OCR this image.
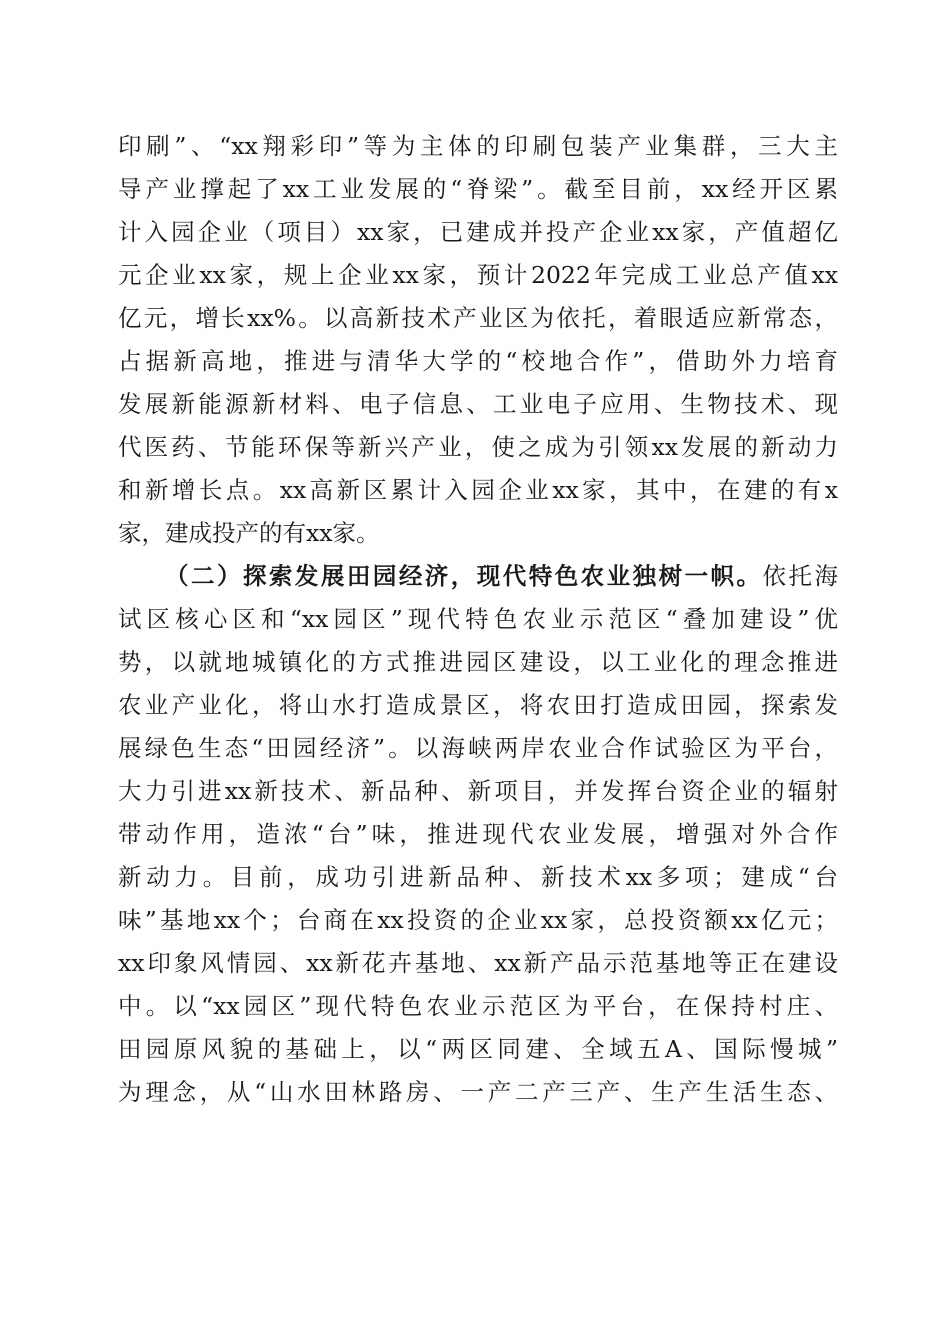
印刷”、“xx翔彩印”等为主体的印刷包装产业集群，三大主
导产业撑起了xx工业发展的“脊梁”。截至目前，xx经开区累
计入园企业（项目）xx家，已建成并投产企业xx家，产值超亿
元企业xx家，规上企业xx家，预计2022年完成工业总产值xx
亿元，增长xx%。以高新技术产业区为依托，着眼适应新常态，
占据新高地，推进与清华大学的“校地合作”，借助外力培育
发展新能源新材料、电子信息、工业电子应用、生物技术、现
代医药、节能环保等新兴产业，使之成为引领xx发展的新动力
和新增长点。xx高新区累计入园企业xx家，其中，在建的有x
家，建成投产的有xx家。
（二）探索发展田园经济，现代特色农业独树一帜。依托海
试区核心区和“xx园区”现代特色农业示范区“叠加建设”优
势，以就地城镇化的方式推进园区建设，以工业化的理念推进
农业产业化，将山水打造成景区，将农田打造成田园，探索发
展绿色生态“田园经济”。以海峡两岸农业合作试验区为平台，
大力引进xx新技术、新品种、新项目，并发挥台资企业的辐射
带动作用，造浓“台”味，推进现代农业发展，增强对外合作
新动力。目前，成功引进新品种、新技术xx多项；建成“台
味”基地xx个；台商在xx投资的企业xx家，总投资额xx亿元；
xx印象风情园、xx新花卉基地、xx新产品示范基地等正在建设
中。以“xx园区”现代特色农业示范区为平台，在保持村庄、
田园原风貌的基础上，以“两区同建、全域五A、国际慢城”
为理念，从“山水田林路房、一产二产三产、生产生活生态、
